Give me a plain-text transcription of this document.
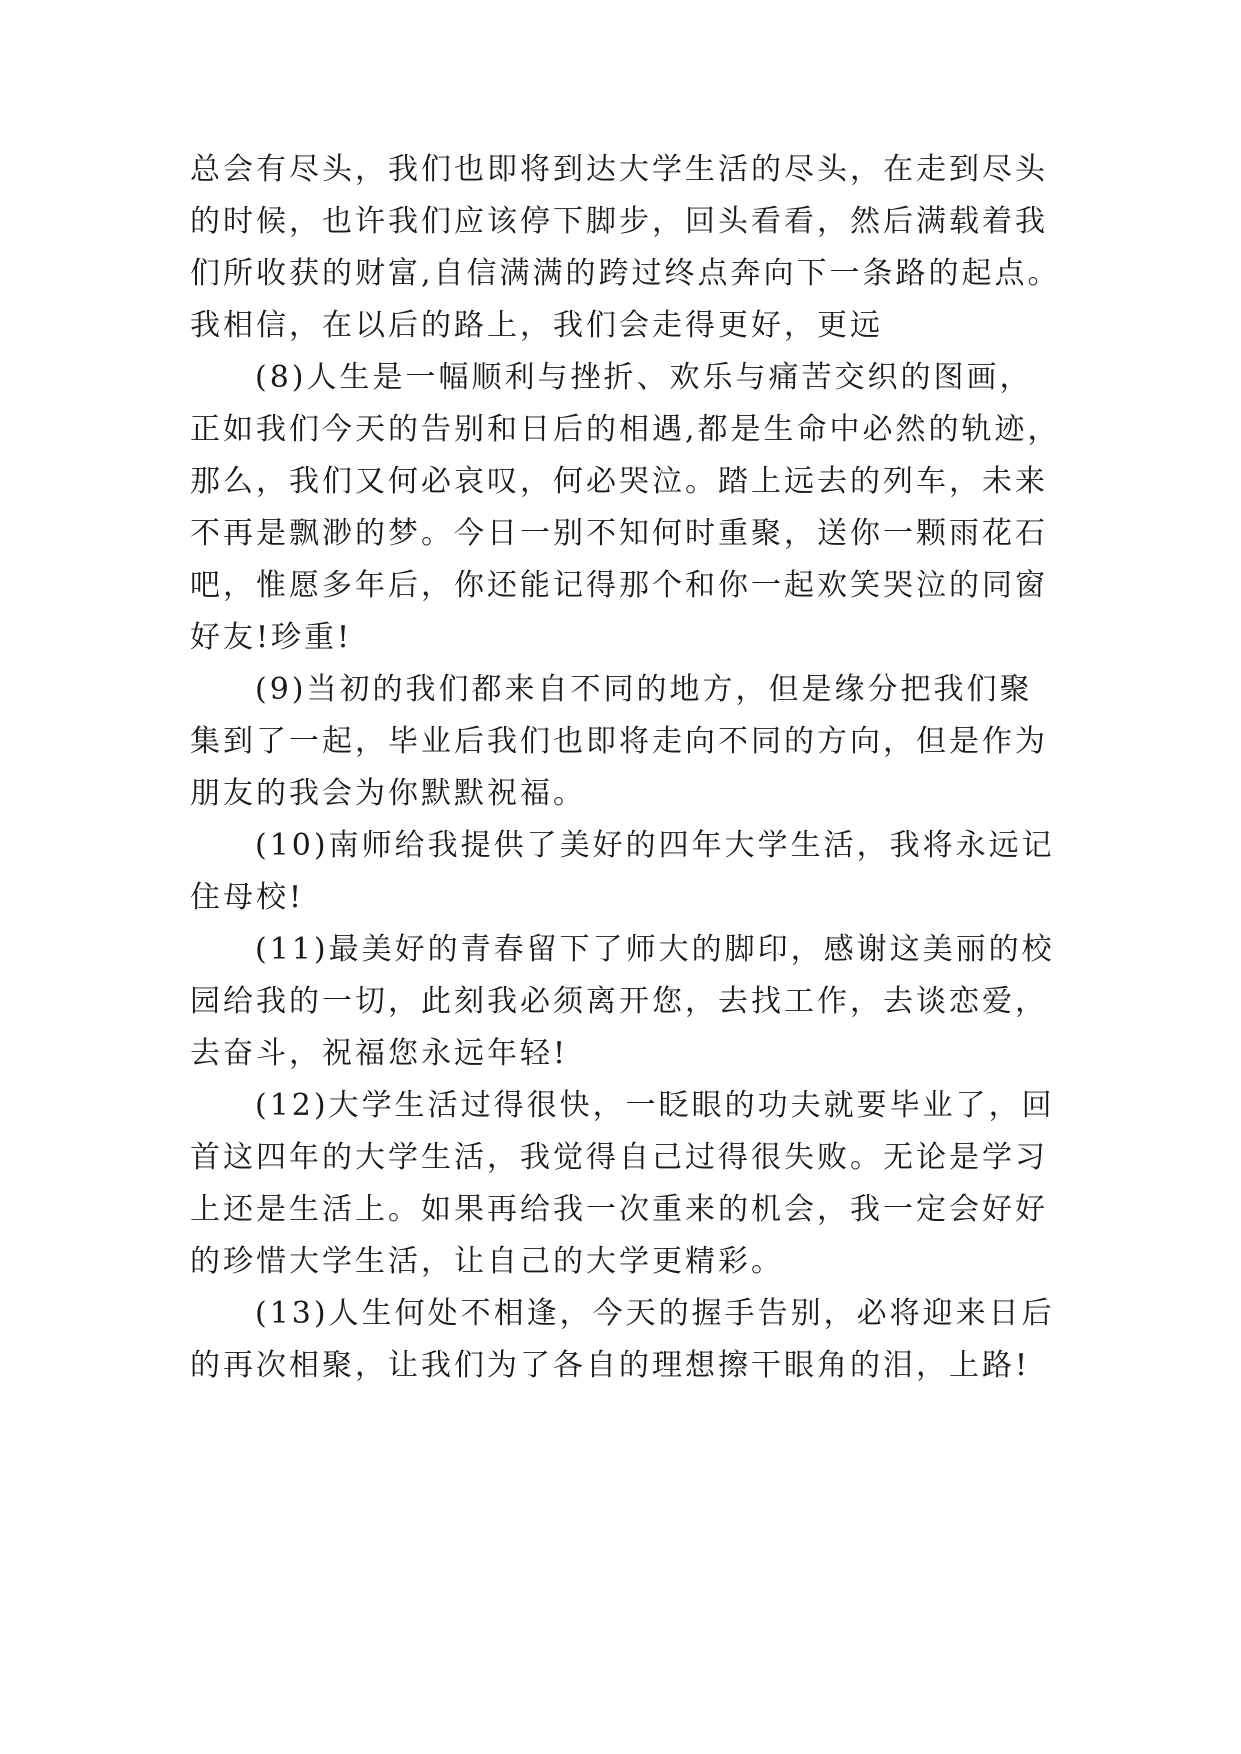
总会有尽头，我们也即将到达大学生活的尽头，在走到尽头
的时候，也许我们应该停下脚步，回头看看，然后满载着我
们所收获的财富,自信满满的跨过终点奔向下一条路的起点。
我相信，在以后的路上，我们会走得更好，更远
(8)人生是一幅顺利与挫折、欢乐与痛苦交织的图画，
正如我们今天的告别和日后的相遇,都是生命中必然的轨迹，
那么，我们又何必哀叹，何必哭泣。踏上远去的列车，未来
不再是飘渺的梦。今日一别不知何时重聚，送你一颗雨花石
吧，惟愿多年后，你还能记得那个和你一起欢笑哭泣的同窗
好友!珍重!
(9)当初的我们都来自不同的地方，但是缘分把我们聚
集到了一起，毕业后我们也即将走向不同的方向，但是作为
朋友的我会为你默默祝福。
(10)南师给我提供了美好的四年大学生活，我将永远记
住母校!
(11)最美好的青春留下了师大的脚印，感谢这美丽的校
园给我的一切，此刻我必须离开您，去找工作，去谈恋爱，
去奋斗，祝福您永远年轻!
(12)大学生活过得很快，一眨眼的功夫就要毕业了，回
首这四年的大学生活，我觉得自己过得很失败。无论是学习
上还是生活上。如果再给我一次重来的机会，我一定会好好
的珍惜大学生活，让自己的大学更精彩。
(13)人生何处不相逢，今天的握手告别，必将迎来日后
的再次相聚，让我们为了各自的理想擦干眼角的泪，上路!
